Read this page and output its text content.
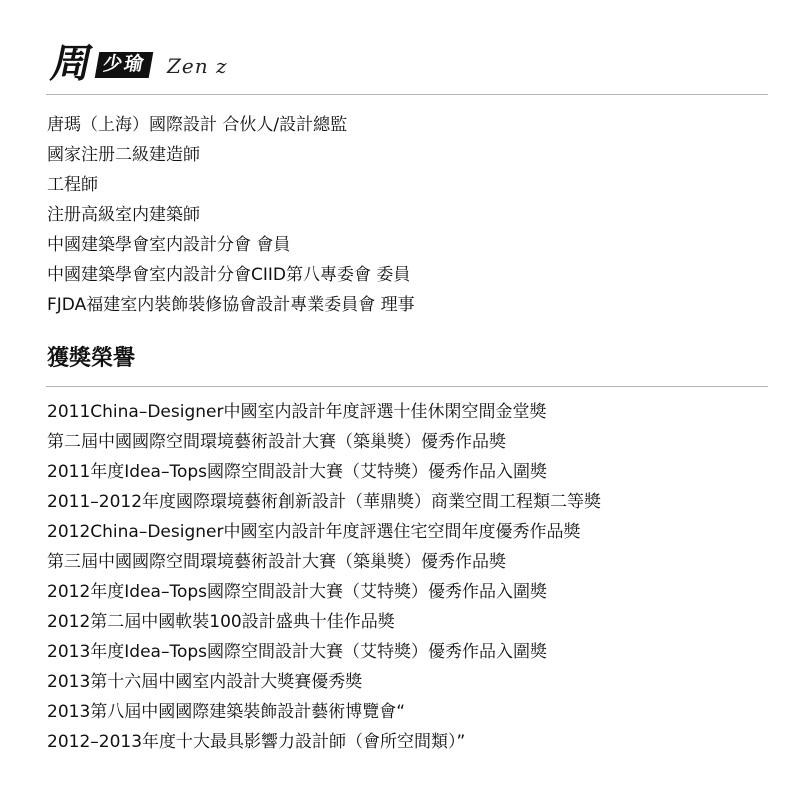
周 少瑜 Zen z
唐瑪（上海）國際設計 合伙人/設計總監
國家注册二級建造師
工程師
注册高級室内建築師
中國建築學會室内設計分會 會員
中國建築學會室内設計分會CIID第八專委會 委員
FJDA福建室内裝飾裝修協會設計專業委員會 理事
獲獎榮譽
2011China–Designer中國室内設計年度評選十佳休閑空間金堂獎
第二屆中國國際空間環境藝術設計大賽（築巢獎）優秀作品獎
2011年度Idea–Tops國際空間設計大賽（艾特獎）優秀作品入圍獎
2011–2012年度國際環境藝術創新設計（華鼎獎）商業空間工程類二等獎
2012China–Designer中國室内設計年度評選住宅空間年度優秀作品獎
第三屆中國國際空間環境藝術設計大賽（築巢獎）優秀作品獎
2012年度Idea–Tops國際空間設計大賽（艾特獎）優秀作品入圍獎
2012第二屆中國軟裝100設計盛典十佳作品獎
2013年度Idea–Tops國際空間設計大賽（艾特獎）優秀作品入圍獎
2013第十六屆中國室内設計大獎賽優秀獎
2013第八屆中國國際建築裝飾設計藝術博覽會“
2012–2013年度十大最具影響力設計師（會所空間類）”
